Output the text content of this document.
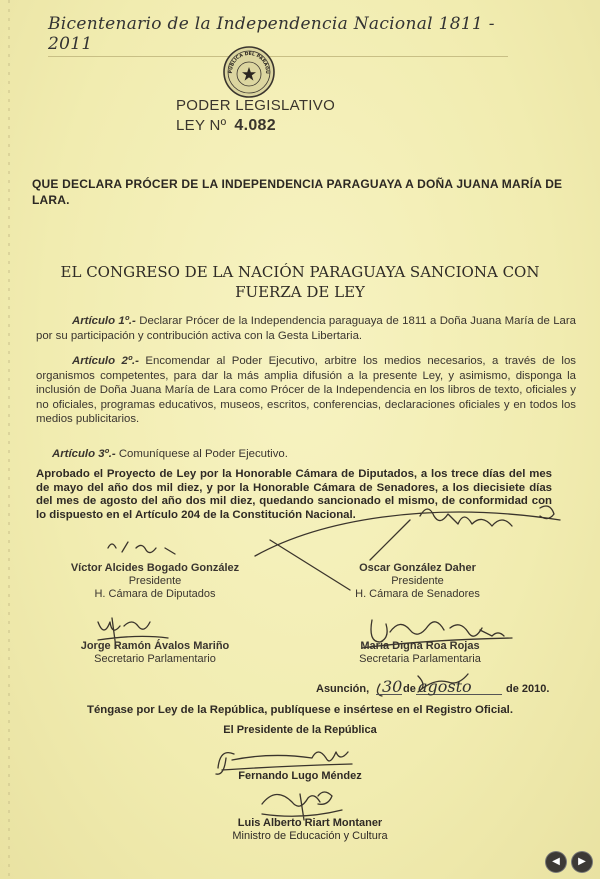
Bicentenario de la Independencia Nacional 1811 - 2011
PÚBLICA DEL PARAGU
PODER LEGISLATIVO
LEY Nº 4.082
QUE DECLARA PRÓCER DE LA INDEPENDENCIA PARAGUAYA A DOÑA JUANA MARÍA DE LARA.
EL CONGRESO DE LA NACIÓN PARAGUAYA SANCIONA CON FUERZA DE LEY
Artículo 1º.- Declarar Prócer de la Independencia paraguaya de 1811 a Doña Juana María de Lara por su participación y contribución activa con la Gesta Libertaria.
Artículo 2º.- Encomendar al Poder Ejecutivo, arbitre los medios necesarios, a través de los organismos competentes, para dar la más amplia difusión a la presente Ley, y asimismo, disponga la inclusión de Doña Juana María de Lara como Prócer de la Independencia en los libros de texto, oficiales y no oficiales, programas educativos, museos, escritos, conferencias, declaraciones oficiales y en todos los medios publicitarios.
Artículo 3º.- Comuníquese al Poder Ejecutivo.
Aprobado el Proyecto de Ley por la Honorable Cámara de Diputados, a los trece días del mes de mayo del año dos mil diez, y por la Honorable Cámara de Senadores, a los diecisiete días del mes de agosto del año dos mil diez, quedando sancionado el mismo, de conformidad con lo dispuesto en el Artículo 204 de la Constitución Nacional.
Víctor Alcides Bogado González
Presidente
H. Cámara de Diputados
Oscar González Daher
Presidente
H. Cámara de Senadores
Jorge Ramón Ávalos Mariño
Secretario Parlamentario
María Digna Roa Rojas
Secretaria Parlamentaria
Asunción, 30 de agosto	de 2010.
Téngase por Ley de la República, publíquese e insértese en el Registro Oficial.
El Presidente de la República
Fernando Lugo Méndez
Luis Alberto Riart Montaner
Ministro de Educación y Cultura
◀	▶
